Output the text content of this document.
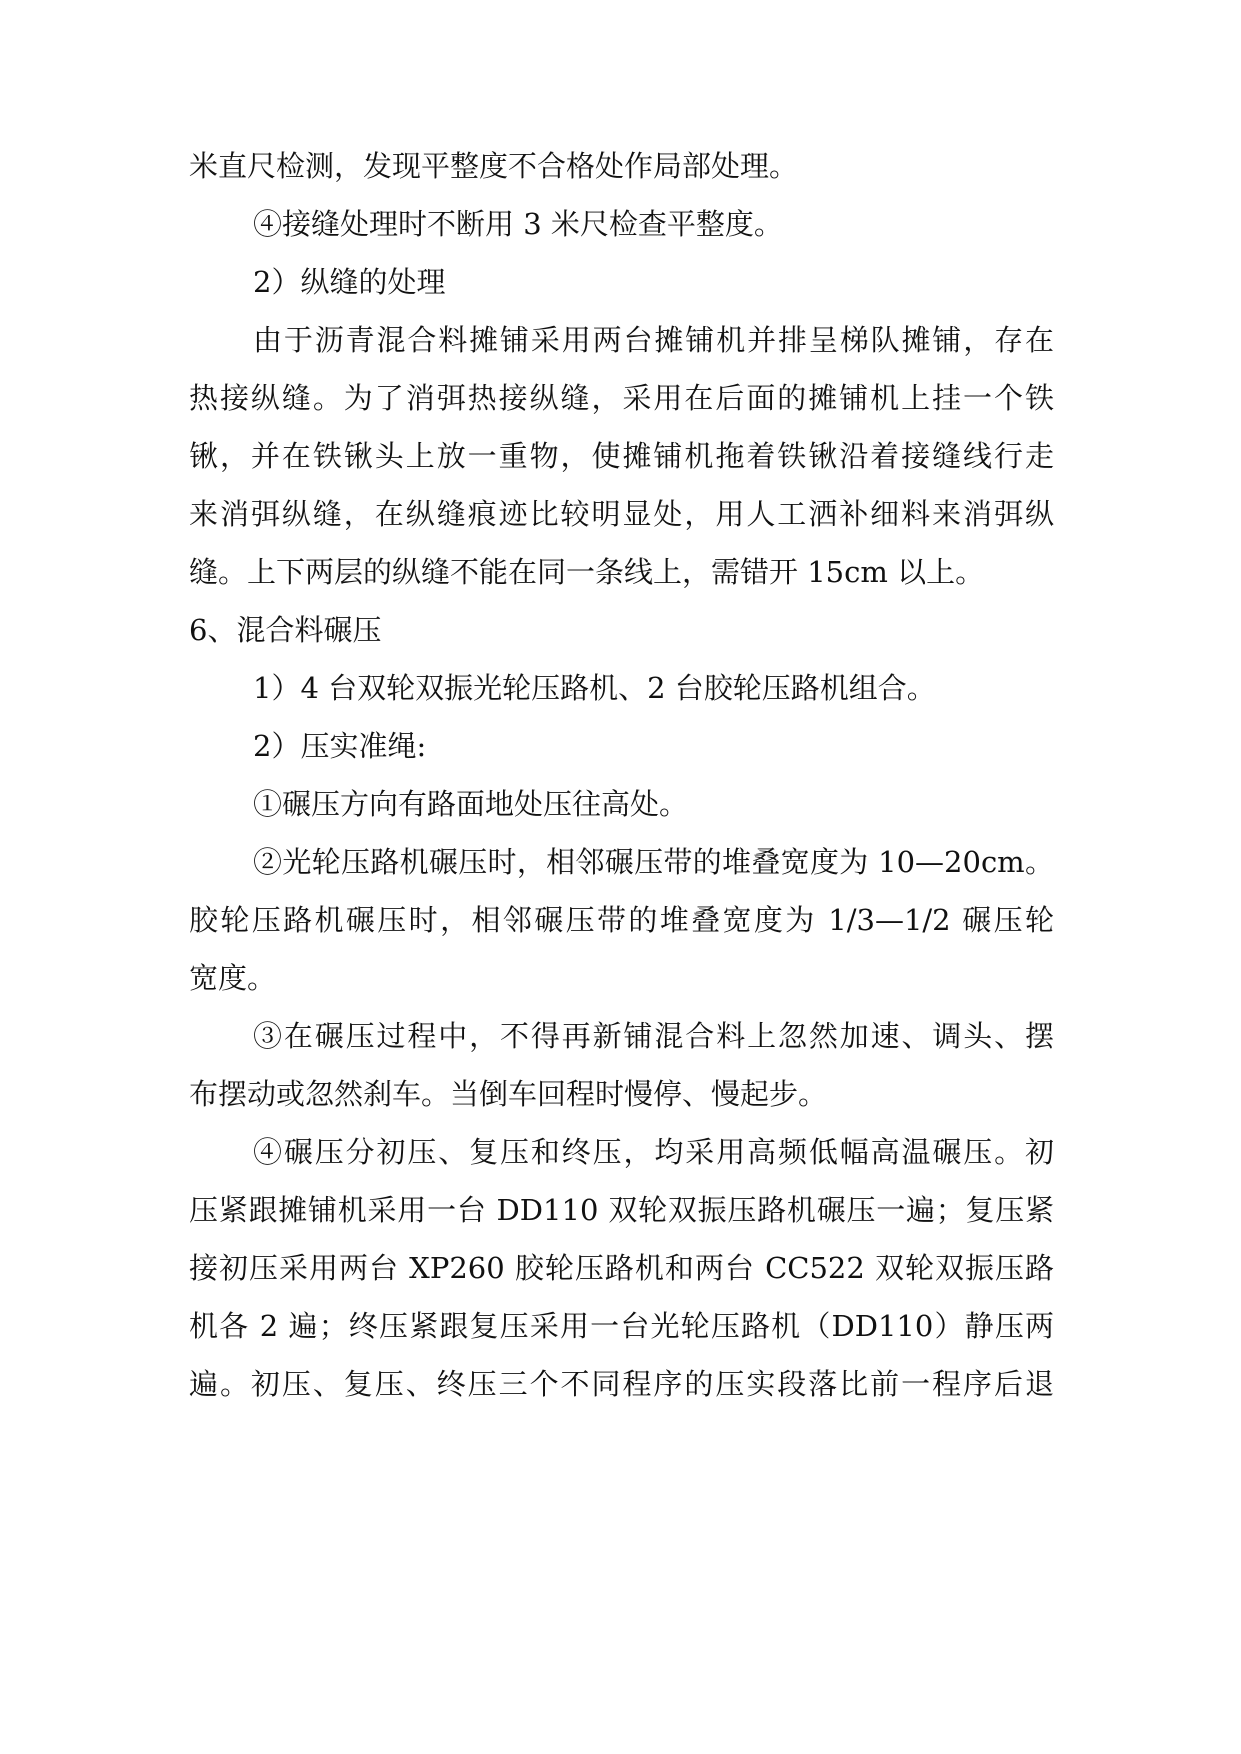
米直尺检测，发现平整度不合格处作局部处理。
④接缝处理时不断用 3 米尺检查平整度。
2）纵缝的处理
由于沥青混合料摊铺采用两台摊铺机并排呈梯队摊铺，存在
热接纵缝。为了消弭热接纵缝，采用在后面的摊铺机上挂一个铁
锹，并在铁锹头上放一重物，使摊铺机拖着铁锹沿着接缝线行走
来消弭纵缝，在纵缝痕迹比较明显处，用人工洒补细料来消弭纵
缝。上下两层的纵缝不能在同一条线上，需错开 15cm 以上。
6、混合料碾压
1）4 台双轮双振光轮压路机、2 台胶轮压路机组合。
2）压实准绳:
①碾压方向有路面地处压往高处。
②光轮压路机碾压时，相邻碾压带的堆叠宽度为 10—20cm。
胶轮压路机碾压时，相邻碾压带的堆叠宽度为 1/3—1/2 碾压轮
宽度。
③在碾压过程中，不得再新铺混合料上忽然加速、调头、摆
布摆动或忽然刹车。当倒车回程时慢停、慢起步。
④碾压分初压、复压和终压，均采用高频低幅高温碾压。初
压紧跟摊铺机采用一台 DD110 双轮双振压路机碾压一遍；复压紧
接初压采用两台 XP260 胶轮压路机和两台 CC522 双轮双振压路
机各 2 遍；终压紧跟复压采用一台光轮压路机（DD110）静压两
遍。初压、复压、终压三个不同程序的压实段落比前一程序后退
